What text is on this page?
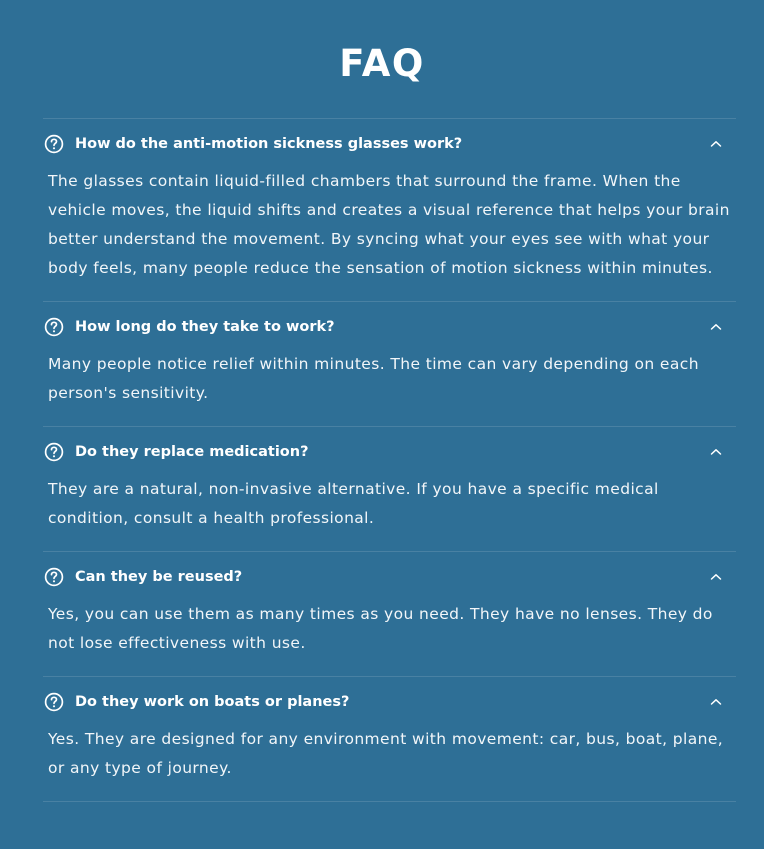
FAQ
How do the anti-motion sickness glasses work?

The glasses contain liquid-filled chambers that surround the frame. When the vehicle moves, the liquid shifts and creates a visual reference that helps your brain better understand the movement. By syncing what your eyes see with what your body feels, many people reduce the sensation of motion sickness within minutes.

How long do they take to work?

Many people notice relief within minutes. The time can vary depending on each person's sensitivity.

Do they replace medication?

They are a natural, non-invasive alternative. If you have a specific medical condition, consult a health professional.

Can they be reused?

Yes, you can use them as many times as you need. They have no lenses. They do not lose effectiveness with use.

Do they work on boats or planes?

Yes. They are designed for any environment with movement: car, bus, boat, plane, or any type of journey.
